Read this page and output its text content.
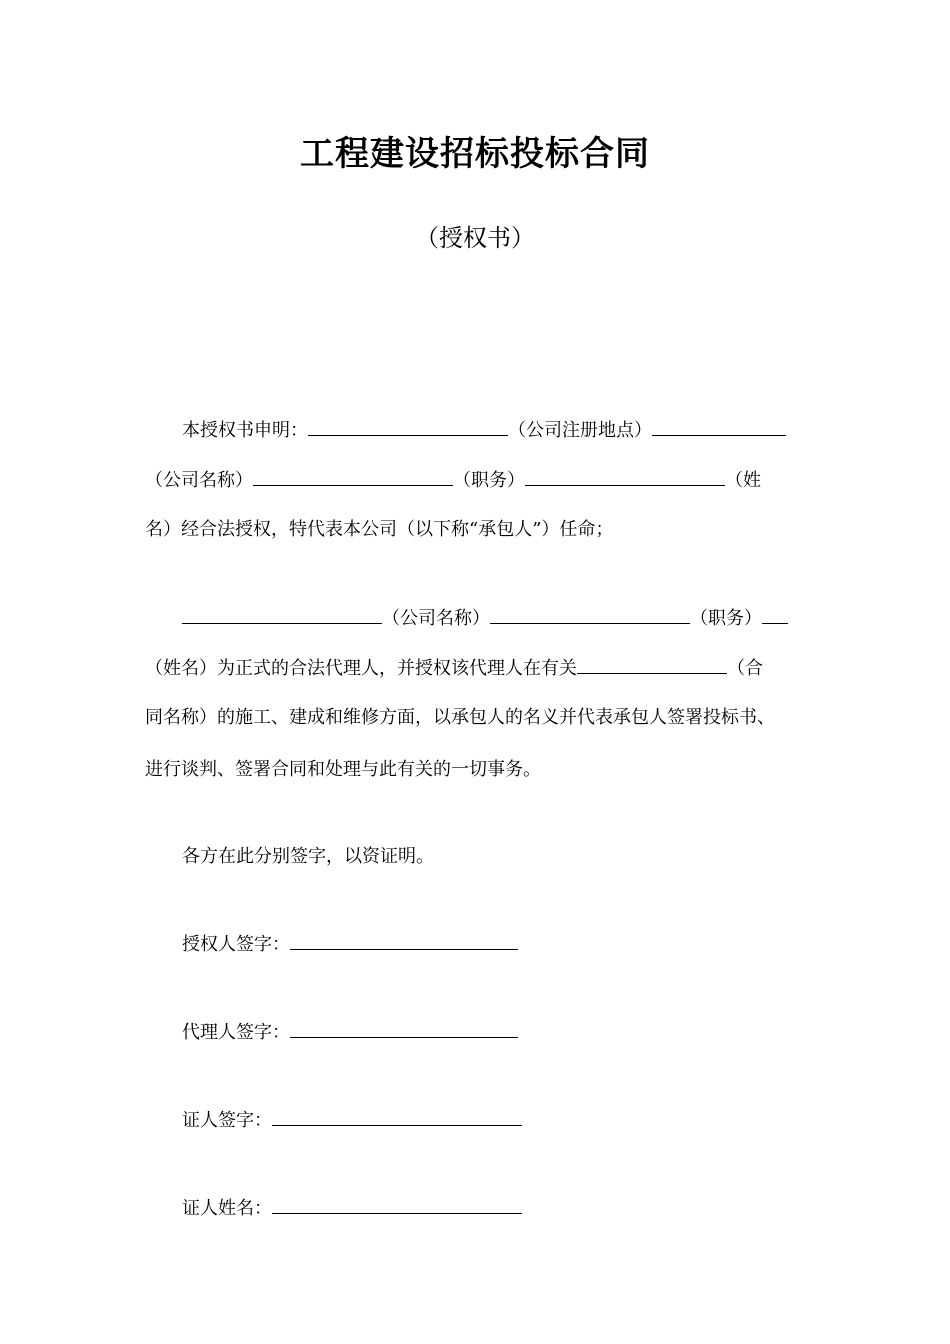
工程建设招标投标合同
（授权书）
本授权书申明：	（公司注册地点）
（公司名称）	（职务）	（姓
名）经合法授权，特代表本公司（以下称“承包人”）任命；
（公司名称）	（职务）
（姓名）为正式的合法代理人，并授权该代理人在有关	（合
同名称）的施工、建成和维修方面，以承包人的名义并代表承包人签署投标书、
进行谈判、签署合同和处理与此有关的一切事务。
各方在此分别签字，以资证明。
授权人签字：
代理人签字：
证人签字：
证人姓名：
